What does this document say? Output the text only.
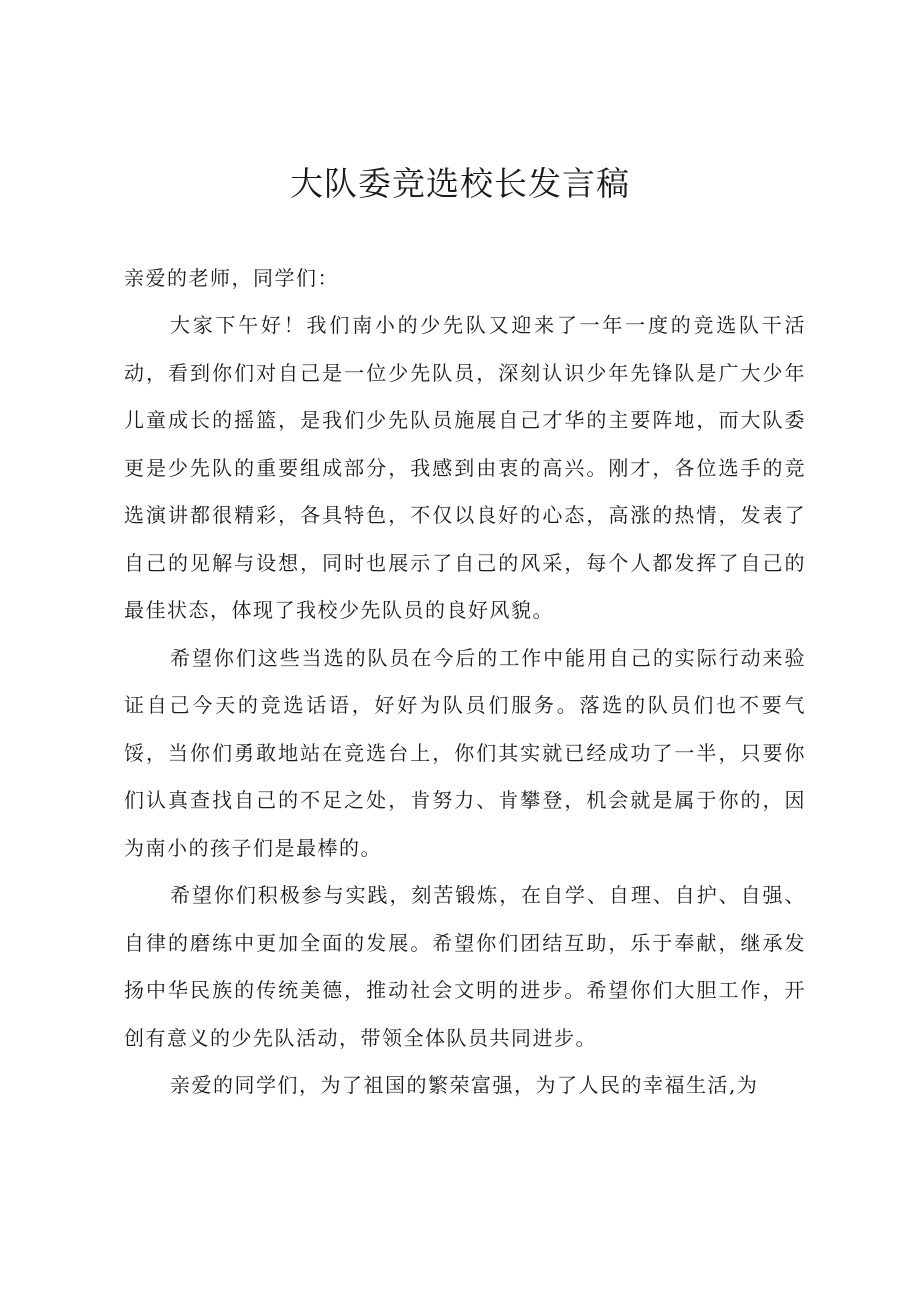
大队委竞选校长发言稿

亲爱的老师，同学们：

大家下午好！我们南小的少先队又迎来了一年一度的竞选队干活动，看到你们对自己是一位少先队员，深刻认识少年先锋队是广大少年儿童成长的摇篮，是我们少先队员施展自己才华的主要阵地，而大队委更是少先队的重要组成部分，我感到由衷的高兴。刚才，各位选手的竞选演讲都很精彩，各具特色，不仅以良好的心态，高涨的热情，发表了自己的见解与设想，同时也展示了自己的风采，每个人都发挥了自己的最佳状态，体现了我校少先队员的良好风貌。

希望你们这些当选的队员在今后的工作中能用自己的实际行动来验证自己今天的竞选话语，好好为队员们服务。落选的队员们也不要气馁，当你们勇敢地站在竞选台上，你们其实就已经成功了一半，只要你们认真查找自己的不足之处，肯努力、肯攀登，机会就是属于你的，因为南小的孩子们是最棒的。

希望你们积极参与实践，刻苦锻炼，在自学、自理、自护、自强、自律的磨练中更加全面的发展。希望你们团结互助，乐于奉献，继承发扬中华民族的传统美德，推动社会文明的进步。希望你们大胆工作，开创有意义的少先队活动，带领全体队员共同进步。

亲爱的同学们，为了祖国的繁荣富强，为了人民的幸福生活,为
